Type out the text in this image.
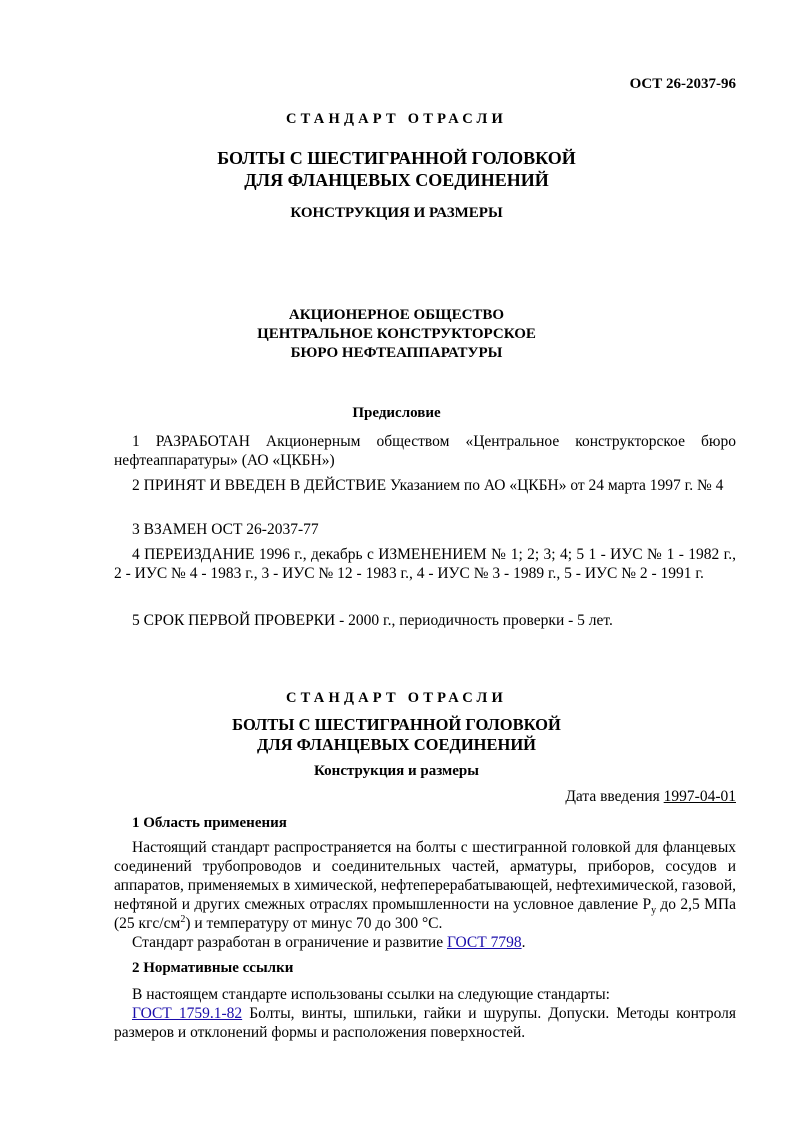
ОСТ 26-2037-96
СТАНДАРТ ОТРАСЛИ
БОЛТЫ С ШЕСТИГРАННОЙ ГОЛОВКОЙ
ДЛЯ ФЛАНЦЕВЫХ СОЕДИНЕНИЙ
КОНСТРУКЦИЯ И РАЗМЕРЫ
АКЦИОНЕРНОЕ ОБЩЕСТВО
ЦЕНТРАЛЬНОЕ КОНСТРУКТОРСКОЕ
БЮРО НЕФТЕАППАРАТУРЫ
Предисловие
1 РАЗРАБОТАН Акционерным обществом «Центральное конструкторское бюро нефтеаппаратуры» (АО «ЦКБН»)
2 ПРИНЯТ И ВВЕДЕН В ДЕЙСТВИЕ Указанием по АО «ЦКБН» от 24 марта 1997 г. № 4
3 ВЗАМЕН ОСТ 26-2037-77
4 ПЕРЕИЗДАНИЕ 1996 г., декабрь с ИЗМЕНЕНИЕМ № 1; 2; 3; 4; 5 1 - ИУС № 1 - 1982 г., 2 - ИУС № 4 - 1983 г., 3 - ИУС № 12 - 1983 г., 4 - ИУС № 3 - 1989 г., 5 - ИУС № 2 - 1991 г.
5 СРОК ПЕРВОЙ ПРОВЕРКИ - 2000 г., периодичность проверки - 5 лет.
СТАНДАРТ ОТРАСЛИ
БОЛТЫ С ШЕСТИГРАННОЙ ГОЛОВКОЙ
ДЛЯ ФЛАНЦЕВЫХ СОЕДИНЕНИЙ
Конструкция и размеры
Дата введения 1997-04-01
1 Область применения
Настоящий стандарт распространяется на болты с шестигранной головкой для фланцевых соединений трубопроводов и соединительных частей, арматуры, приборов, сосудов и аппаратов, применяемых в химической, нефтеперерабатывающей, нефтехимической, газовой, нефтяной и других смежных отраслях промышленности на условное давление $Р_у$ до 2,5 МПа (25 кгс/$см^2$) и температуру от минус 70 до 300 °С.
Стандарт разработан в ограничение и развитие ГОСТ 7798.
2 Нормативные ссылки
В настоящем стандарте использованы ссылки на следующие стандарты:
ГОСТ 1759.1-82 Болты, винты, шпильки, гайки и шурупы. Допуски. Методы контроля размеров и отклонений формы и расположения поверхностей.
